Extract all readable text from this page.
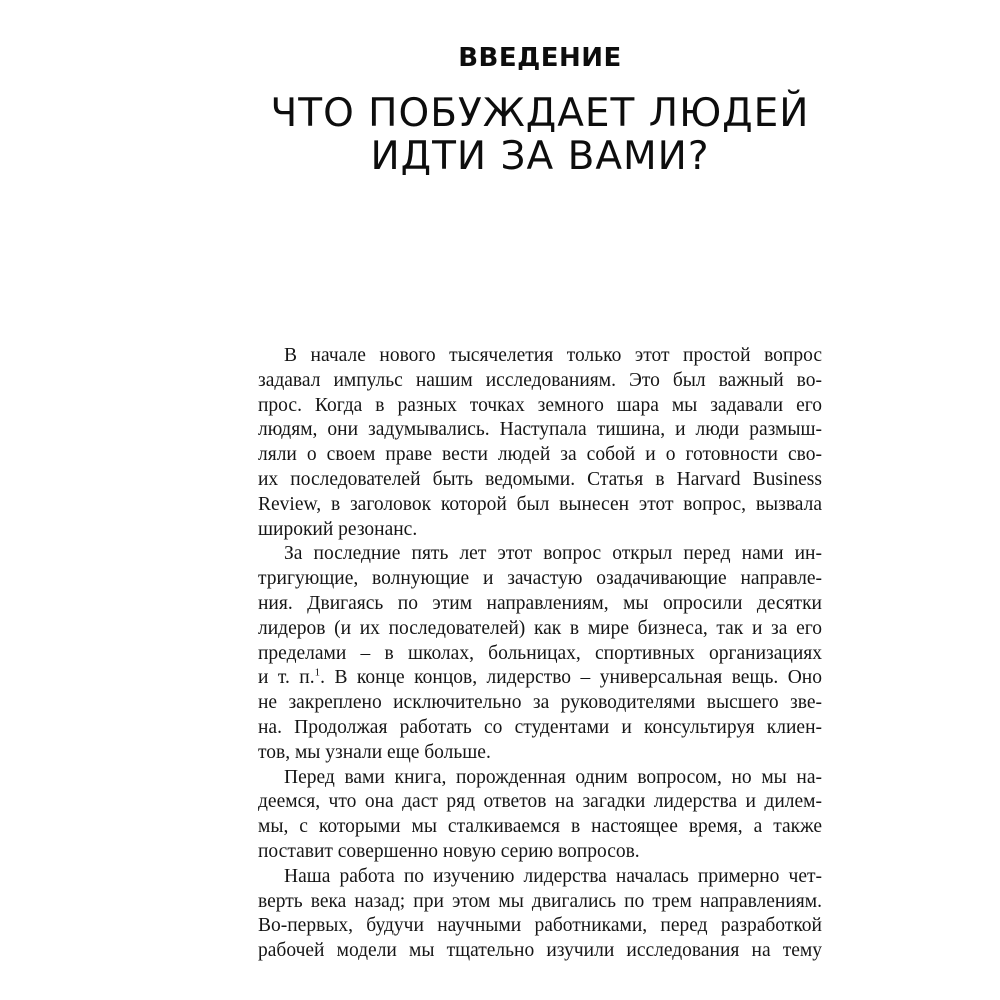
ВВЕДЕНИЕ
ЧТО ПОБУЖДАЕТ ЛЮДЕЙ
ИДТИ ЗА ВАМИ?

В начале нового тысячелетия только этот простой вопрос
задавал импульс нашим исследованиям. Это был важный во-
прос. Когда в разных точках земного шара мы задавали его
людям, они задумывались. Наступала тишина, и люди размыш-
ляли о своем праве вести людей за собой и о готовности сво-
их последователей быть ведомыми. Статья в Harvard Business
Review, в заголовок которой был вынесен этот вопрос, вызвала
широкий резонанс.

За последние пять лет этот вопрос открыл перед нами ин-
тригующие, волнующие и зачастую озадачивающие направле-
ния. Двигаясь по этим направлениям, мы опросили десятки
лидеров (и их последователей) как в мире бизнеса, так и за его
пределами – в школах, больницах, спортивных организациях
и т. п.$^1$. В конце концов, лидерство – универсальная вещь. Оно
не закреплено исключительно за руководителями высшего зве-
на. Продолжая работать со студентами и консультируя клиен-
тов, мы узнали еще больше.

Перед вами книга, порожденная одним вопросом, но мы на-
деемся, что она даст ряд ответов на загадки лидерства и дилем-
мы, с которыми мы сталкиваемся в настоящее время, а также
поставит совершенно новую серию вопросов.

Наша работа по изучению лидерства началась примерно чет-
верть века назад; при этом мы двигались по трем направлениям.
Во-первых, будучи научными работниками, перед разработкой
рабочей модели мы тщательно изучили исследования на тему
